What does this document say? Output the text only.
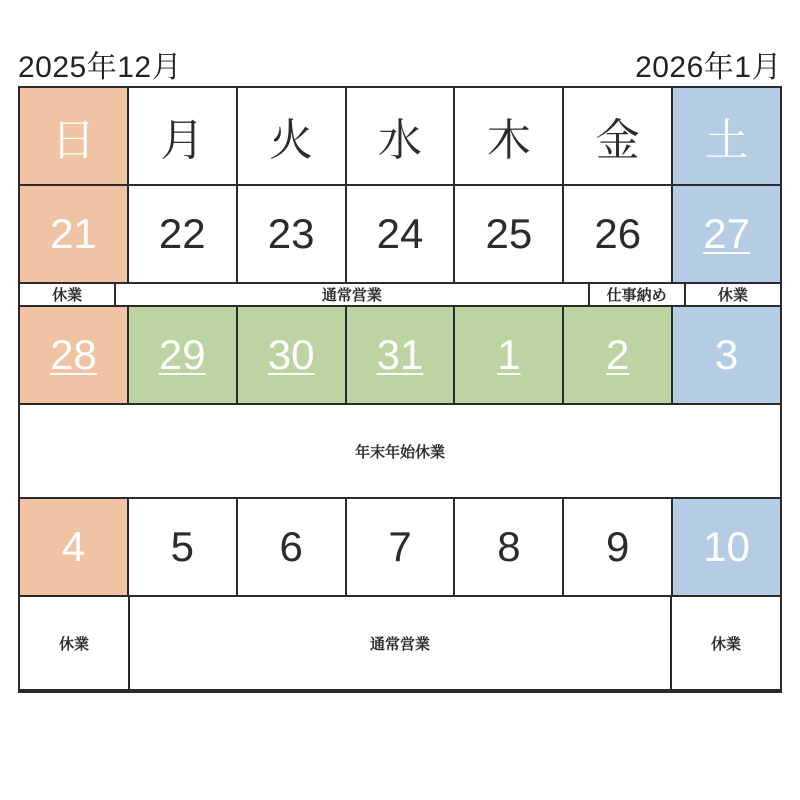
2025年12月	2026年1月
日 月 火 水 木 金 土
21 22 23 24 25 26 27
休業	通常営業	仕事納め	休業
28 29 30 31 1 2 3
年末年始休業
4 5 6 7 8 9 10
休業	通常営業	休業
